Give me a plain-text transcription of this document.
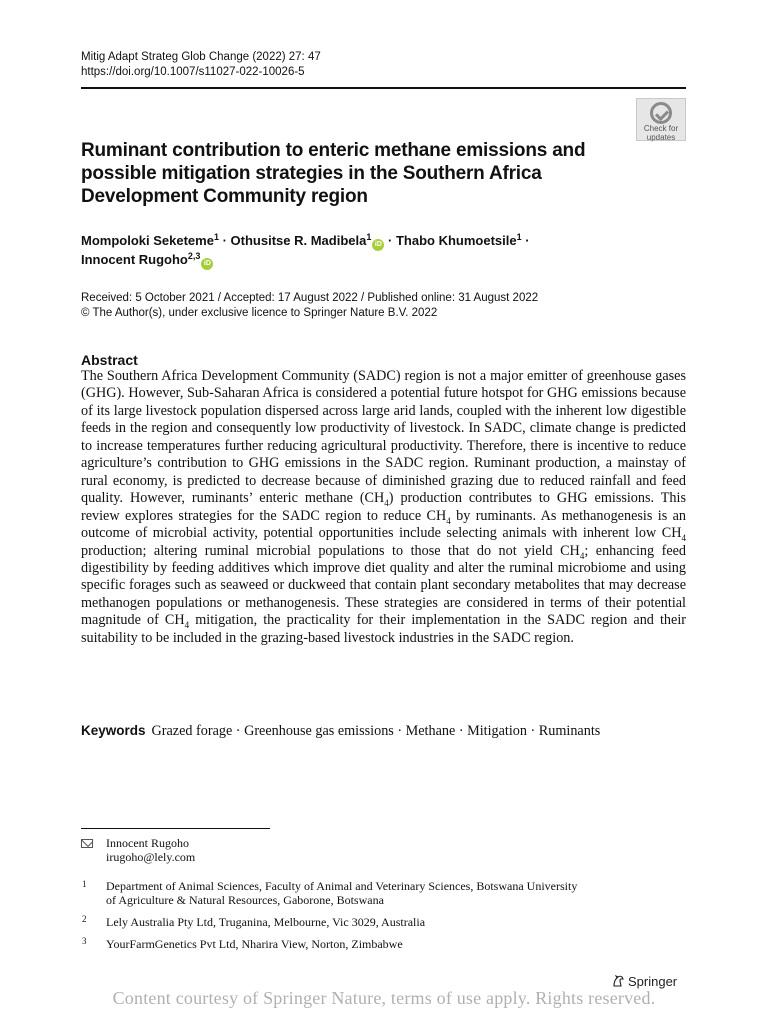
Mitig Adapt Strateg Glob Change (2022) 27: 47
https://doi.org/10.1007/s11027-022-10026-5
Check for
updates
Ruminant contribution to enteric methane emissions and possible mitigation strategies in the Southern Africa Development Community region
Mompoloki Seketeme$^1$ · Othusitse R. Madibela$^1$iD · Thabo Khumoetsile$^1$ ·
Innocent Rugoho$^{2,3}$iD
Received: 5 October 2021 / Accepted: 17 August 2022 / Published online: 31 August 2022
© The Author(s), under exclusive licence to Springer Nature B.V. 2022
Abstract
The Southern Africa Development Community (SADC) region is not a major emitter of greenhouse gases (GHG). However, Sub-Saharan Africa is considered a potential future hotspot for GHG emissions because of its large livestock population dispersed across large arid lands, coupled with the inherent low digestible feeds in the region and consequently low productivity of livestock. In SADC, climate change is predicted to increase temperatures further reducing agricultural productivity. Therefore, there is incentive to reduce agriculture’s contribution to GHG emissions in the SADC region. Ruminant production, a mainstay of rural economy, is predicted to decrease because of diminished grazing due to reduced rainfall and feed quality. However, ruminants’ enteric methane $(CH_4)$ production contributes to GHG emissions. This review explores strategies for the SADC region to reduce $CH_4$ by ruminants. As methanogenesis is an outcome of microbial activity, potential opportunities include selecting animals with inherent low $CH_4$ production; altering ruminal microbial populations to those that do not yield $CH_4$; enhancing feed digestibility by feeding additives which improve diet quality and alter the ruminal microbiome and using specific forages such as seaweed or duckweed that contain plant secondary metabolites that may decrease methanogen populations or methanogenesis. These strategies are considered in terms of their potential magnitude of $CH_4$ mitigation, the practicality for their implementation in the SADC region and their suitability to be included in the grazing-based livestock industries in the SADC region.
Keywords Grazed forage · Greenhouse gas emissions · Methane · Mitigation · Ruminants
Innocent Rugoho
irugoho@lely.com
1 Department of Animal Sciences, Faculty of Animal and Veterinary Sciences, Botswana University
of Agriculture & Natural Resources, Gaborone, Botswana
2 Lely Australia Pty Ltd, Truganina, Melbourne, Vic 3029, Australia
3 YourFarmGenetics Pvt Ltd, Nharira View, Norton, Zimbabwe
Springer
Content courtesy of Springer Nature, terms of use apply. Rights reserved.
